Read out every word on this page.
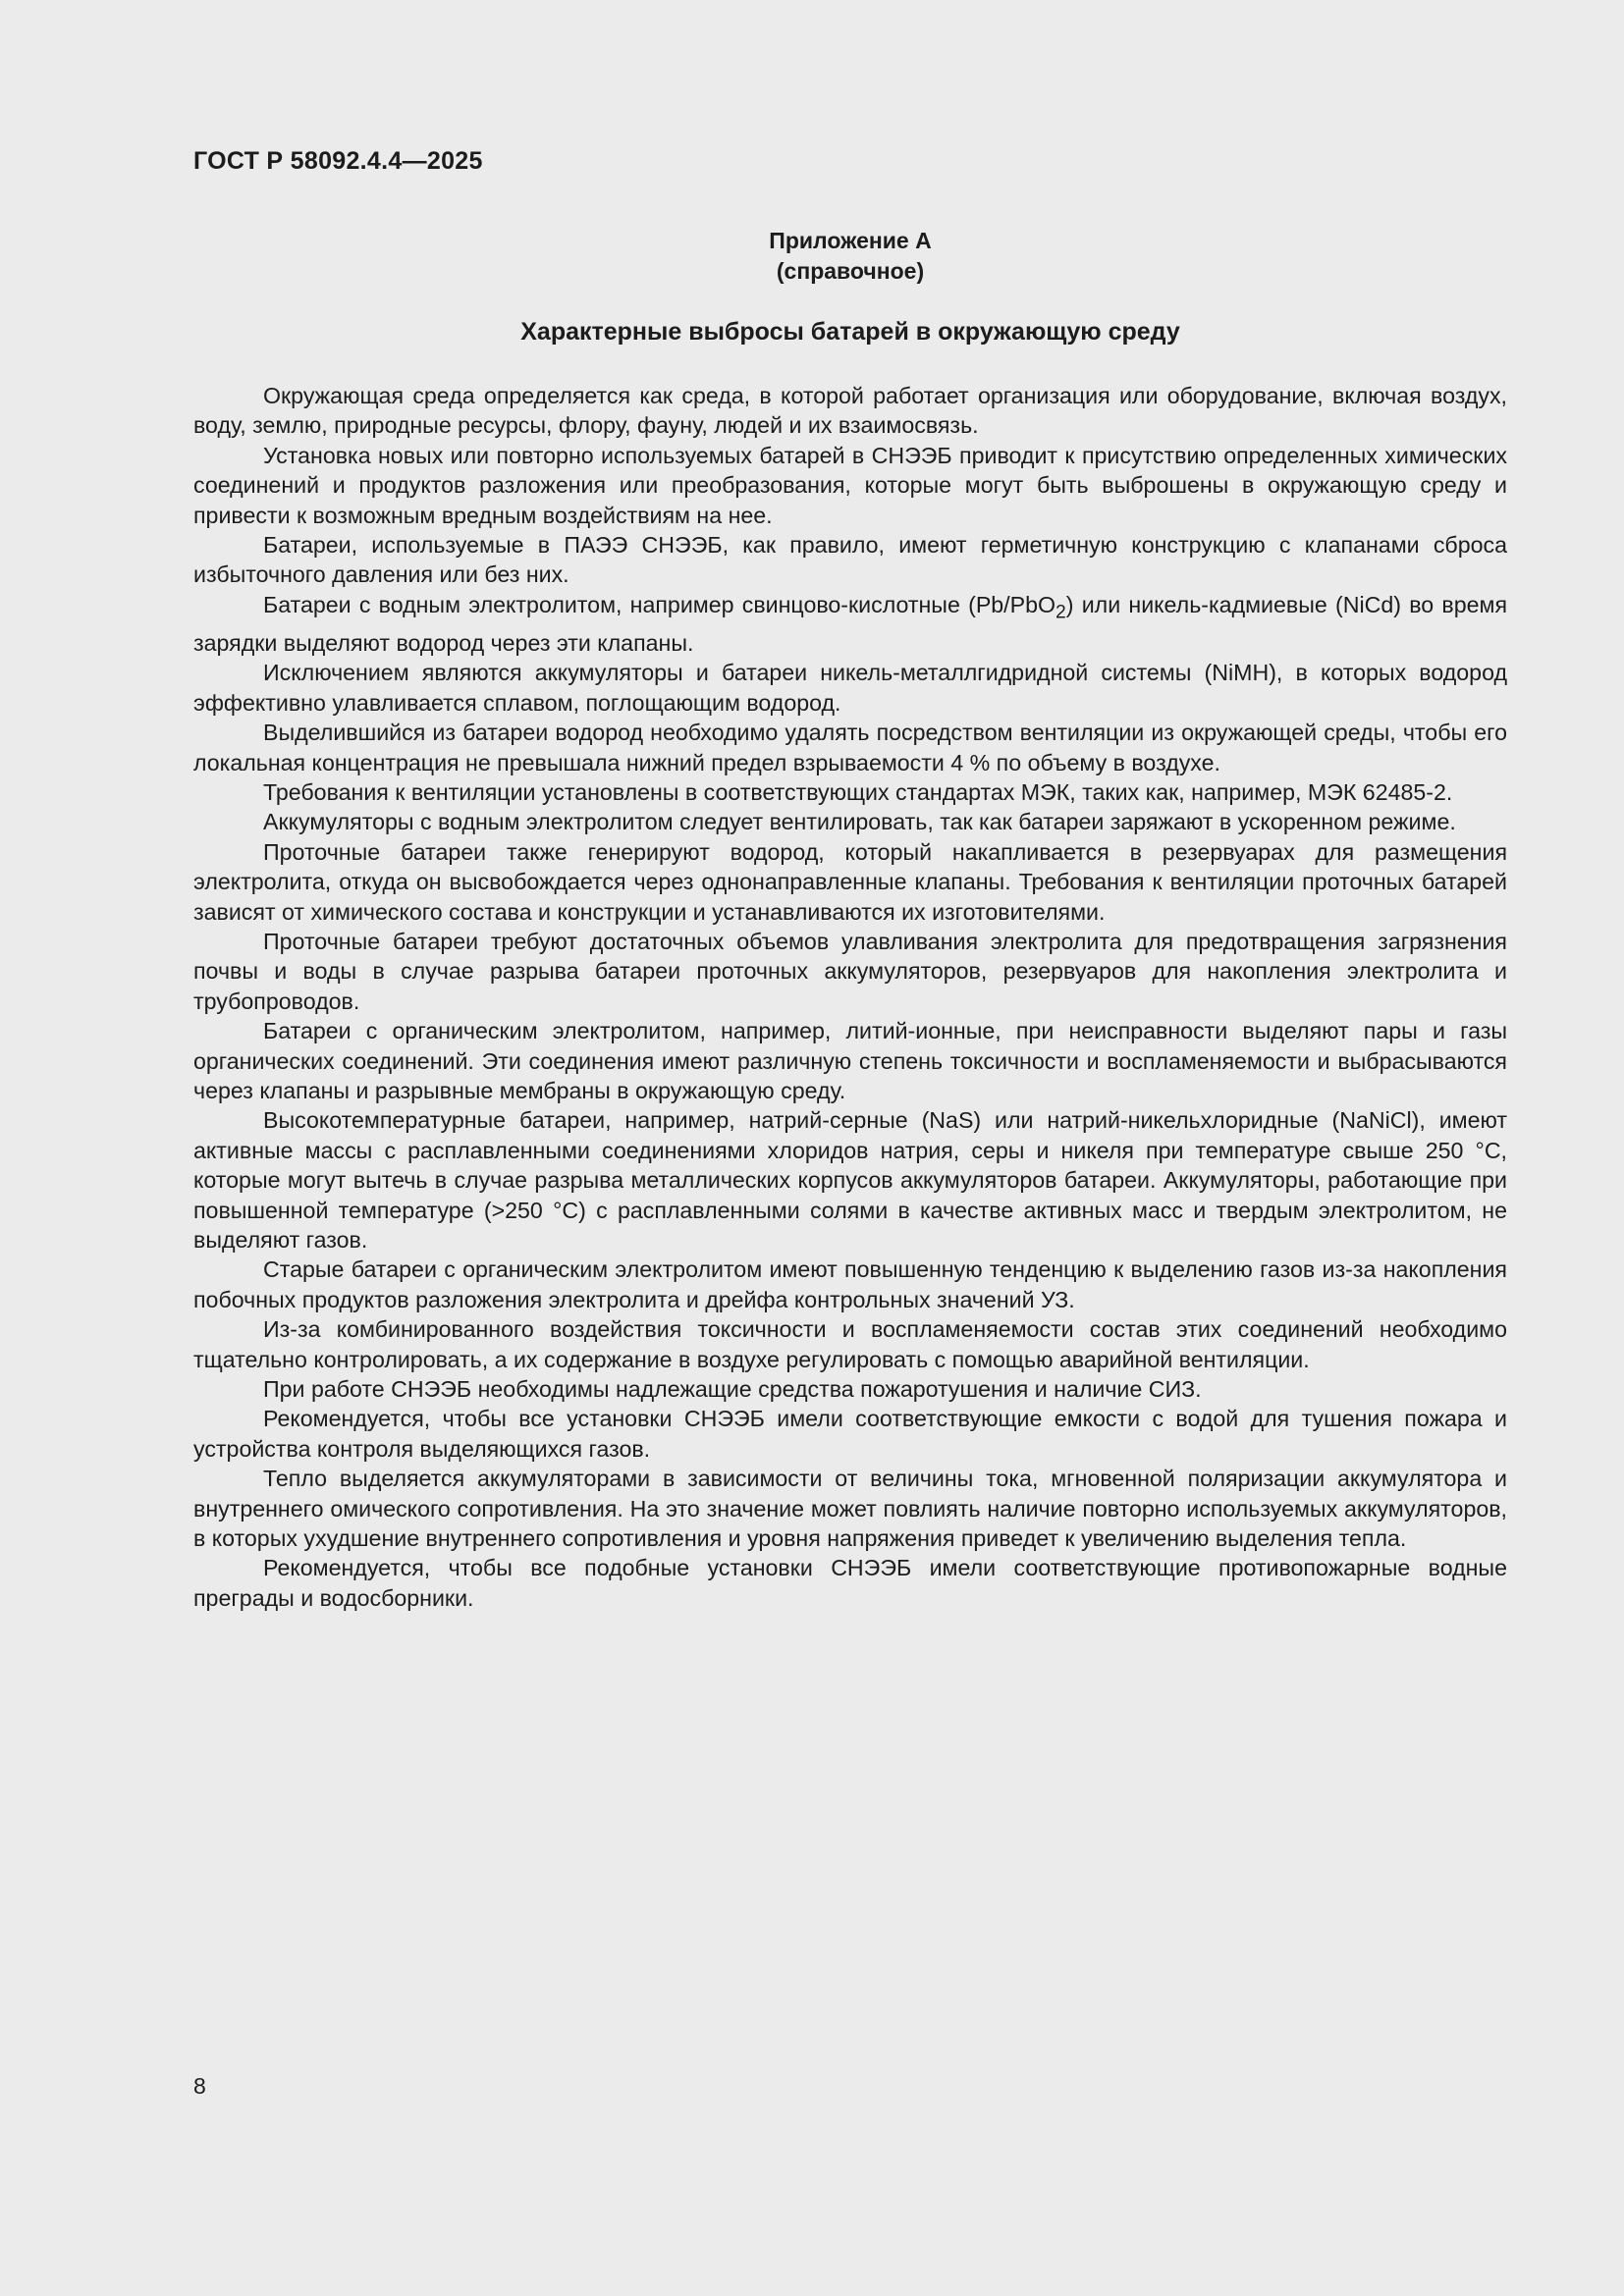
ГОСТ Р 58092.4.4—2025
Приложение А
(справочное)
Характерные выбросы батарей в окружающую среду

Окружающая среда определяется как среда, в которой работает организация или оборудование, включая воздух, воду, землю, природные ресурсы, флору, фауну, людей и их взаимосвязь.

Установка новых или повторно используемых батарей в СНЭЭБ приводит к присутствию определенных химических соединений и продуктов разложения или преобразования, которые могут быть выброшены в окружающую среду и привести к возможным вредным воздействиям на нее.

Батареи, используемые в ПАЭЭ СНЭЭБ, как правило, имеют герметичную конструкцию с клапанами сброса избыточного давления или без них.

Батареи с водным электролитом, например свинцово-кислотные (Pb/PbO$_2$) или никель-кадмиевые (NiCd) во время зарядки выделяют водород через эти клапаны.

Исключением являются аккумуляторы и батареи никель-металлгидридной системы (NiMH), в которых водород эффективно улавливается сплавом, поглощающим водород.

Выделившийся из батареи водород необходимо удалять посредством вентиляции из окружающей среды, чтобы его локальная концентрация не превышала нижний предел взрываемости 4 % по объему в воздухе.

Требования к вентиляции установлены в соответствующих стандартах МЭК, таких как, например, МЭК 62485-2.

Аккумуляторы с водным электролитом следует вентилировать, так как батареи заряжают в ускоренном режиме.

Проточные батареи также генерируют водород, который накапливается в резервуарах для размещения электролита, откуда он высвобождается через однонаправленные клапаны. Требования к вентиляции проточных батарей зависят от химического состава и конструкции и устанавливаются их изготовителями.

Проточные батареи требуют достаточных объемов улавливания электролита для предотвращения загрязнения почвы и воды в случае разрыва батареи проточных аккумуляторов, резервуаров для накопления электролита и трубопроводов.

Батареи с органическим электролитом, например, литий-ионные, при неисправности выделяют пары и газы органических соединений. Эти соединения имеют различную степень токсичности и воспламеняемости и выбрасываются через клапаны и разрывные мембраны в окружающую среду.

Высокотемпературные батареи, например, натрий-серные (NaS) или натрий-никельхлоридные (NaNiCl), имеют активные массы с расплавленными соединениями хлоридов натрия, серы и никеля при температуре свыше 250 °С, которые могут вытечь в случае разрыва металлических корпусов аккумуляторов батареи. Аккумуляторы, работающие при повышенной температуре (>250 °С) с расплавленными солями в качестве активных масс и твердым электролитом, не выделяют газов.

Старые батареи с органическим электролитом имеют повышенную тенденцию к выделению газов из-за накопления побочных продуктов разложения электролита и дрейфа контрольных значений УЗ.

Из-за комбинированного воздействия токсичности и воспламеняемости состав этих соединений необходимо тщательно контролировать, а их содержание в воздухе регулировать с помощью аварийной вентиляции.

При работе СНЭЭБ необходимы надлежащие средства пожаротушения и наличие СИЗ.

Рекомендуется, чтобы все установки СНЭЭБ имели соответствующие емкости с водой для тушения пожара и устройства контроля выделяющихся газов.

Тепло выделяется аккумуляторами в зависимости от величины тока, мгновенной поляризации аккумулятора и внутреннего омического сопротивления. На это значение может повлиять наличие повторно используемых аккумуляторов, в которых ухудшение внутреннего сопротивления и уровня напряжения приведет к увеличению выделения тепла.

Рекомендуется, чтобы все подобные установки СНЭЭБ имели соответствующие противопожарные водные преграды и водосборники.

8
